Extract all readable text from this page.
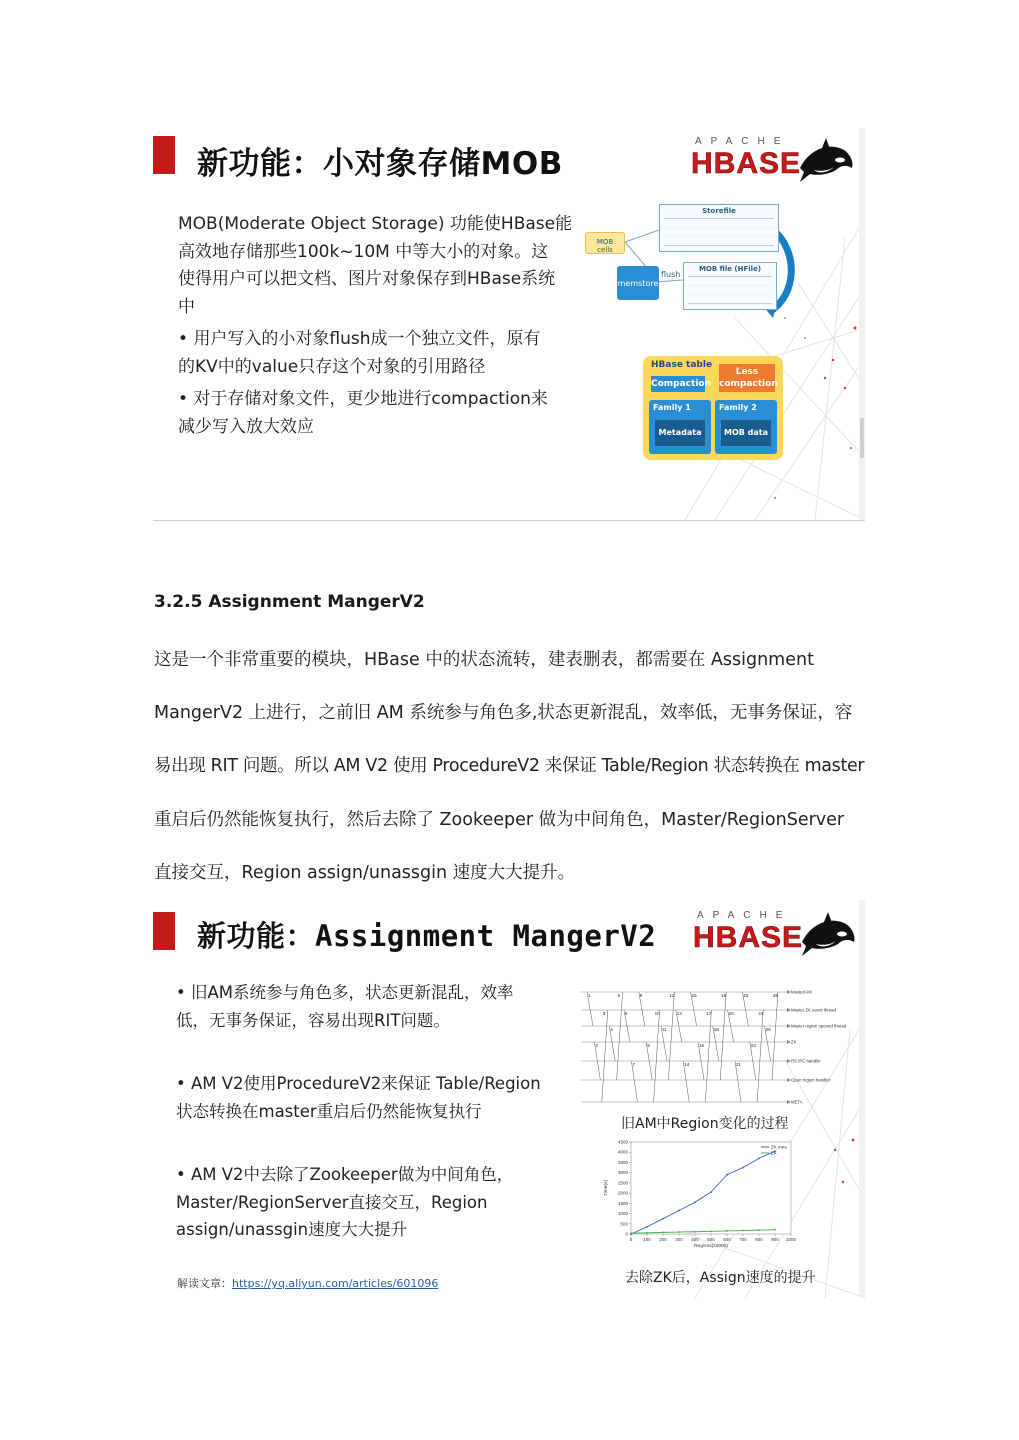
新功能：小对象存储MOB
APACHE
HBASE
MOB(Moderate Object Storage) 功能使HBase能
高效地存储那些100k~10M 中等大小的对象。这
使得用户可以把文档、图片对象保存到HBase系统
中
• 用户写入的小对象flush成一个独立文件，原有
的KV中的value只存这个对象的引用路径
• 对于存储对象文件，更少地进行compaction来
减少写入放大效应
MOB cells
memstore
flush
Storefile
MOB file (HFile)
HBase table
Compaction
Less compaction
Family 1
Metadata
Family 2
MOB data
3.2.5 Assignment MangerV2
这是一个非常重要的模块，HBase 中的状态流转，建表删表，都需要在 Assignment
MangerV2 上进行，之前旧 AM 系统参与角色多,状态更新混乱，效率低，无事务保证，容
易出现 RIT 问题。所以 AM V2 使用 ProcedureV2 来保证 Table/Region 状态转换在 master
重启后仍然能恢复执行，然后去除了 Zookeeper 做为中间角色，Master/RegionServer
直接交互，Region assign/unassgin 速度大大提升。
新功能：Assignment MangerV2
APACHE
HBASE
• 旧AM系统参与角色多，状态更新混乱，效率
低，无事务保证，容易出现RIT问题。
• AM V2使用ProcedureV2来保证 Table/Region
状态转换在master重启后仍然能恢复执行
• AM V2中去除了Zookeeper做为中间角色，
Master/RegionServer直接交互，Region
assign/unassgin速度大大提升
解读文章：https://yq.aliyun.com/articles/601096
Master/AM
Master ZK event thread
Master region opened thread
ZK
RS IPC handler
Open region handler
META
1
2
3
4
5
6
7
8
9
10
11
12
13
14
15
16
17
18
19
20
21
22
23
24
25
26
旧AM中Region变化的过程
0
500
1000
1500
2000
2500
3000
3500
4000
4500
0 100 200 300 400 500 600 700 800 900 1000
Regions(x1000)
Time(s)
ZK mea
ZK
去除ZK后，Assign速度的提升
